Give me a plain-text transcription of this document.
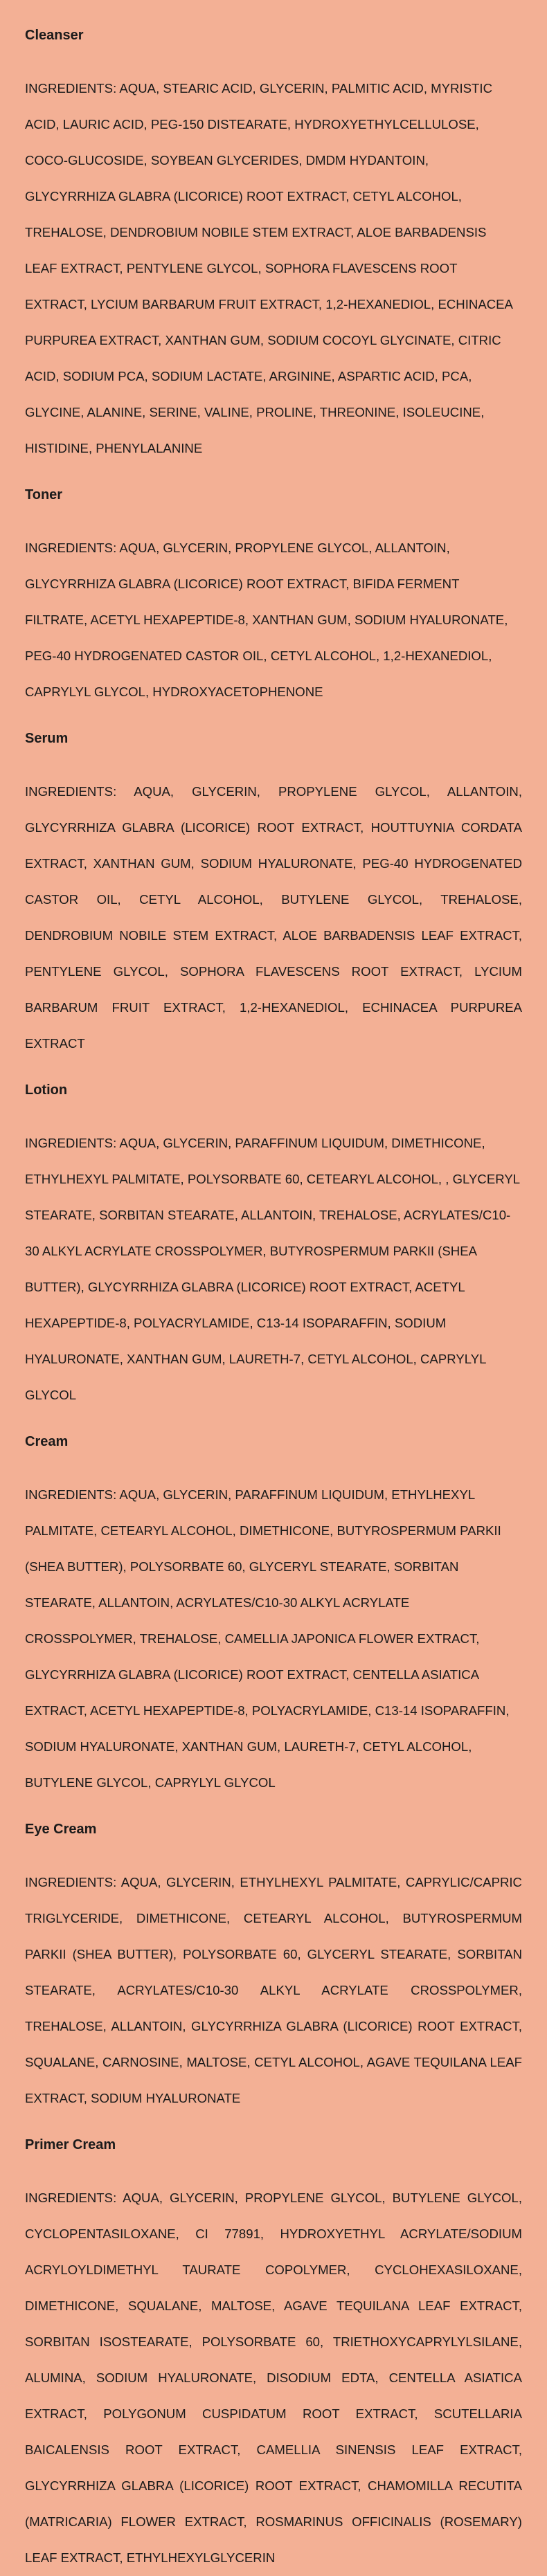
Cleanser
INGREDIENTS: AQUA, STEARIC ACID, GLYCERIN, PALMITIC ACID, MYRISTIC ACID, LAURIC ACID, PEG-150 DISTEARATE, HYDROXYETHYLCELLULOSE, COCO-GLUCOSIDE, SOYBEAN GLYCERIDES, DMDM HYDANTOIN, GLYCYRRHIZA GLABRA (LICORICE) ROOT EXTRACT, CETYL ALCOHOL, TREHALOSE, DENDROBIUM NOBILE STEM EXTRACT, ALOE BARBADENSIS LEAF EXTRACT, PENTYLENE GLYCOL, SOPHORA FLAVESCENS ROOT EXTRACT, LYCIUM BARBARUM FRUIT EXTRACT, 1,2-HEXANEDIOL, ECHINACEA PURPUREA EXTRACT, XANTHAN GUM, SODIUM COCOYL GLYCINATE, CITRIC ACID, SODIUM PCA, SODIUM LACTATE, ARGININE, ASPARTIC ACID, PCA, GLYCINE, ALANINE, SERINE, VALINE, PROLINE, THREONINE, ISOLEUCINE, HISTIDINE, PHENYLALANINE
Toner
INGREDIENTS: AQUA, GLYCERIN, PROPYLENE GLYCOL, ALLANTOIN, GLYCYRRHIZA GLABRA (LICORICE) ROOT EXTRACT, BIFIDA FERMENT FILTRATE, ACETYL HEXAPEPTIDE-8, XANTHAN GUM, SODIUM HYALURONATE, PEG-40 HYDROGENATED CASTOR OIL, CETYL ALCOHOL, 1,2-HEXANEDIOL, CAPRYLYL GLYCOL, HYDROXYACETOPHENONE
Serum
INGREDIENTS: AQUA, GLYCERIN, PROPYLENE GLYCOL, ALLANTOIN, GLYCYRRHIZA GLABRA (LICORICE) ROOT EXTRACT, HOUTTUYNIA CORDATA EXTRACT, XANTHAN GUM, SODIUM HYALURONATE, PEG-40 HYDROGENATED CASTOR OIL, CETYL ALCOHOL, BUTYLENE GLYCOL, TREHALOSE, DENDROBIUM NOBILE STEM EXTRACT, ALOE BARBADENSIS LEAF EXTRACT, PENTYLENE GLYCOL, SOPHORA FLAVESCENS ROOT EXTRACT, LYCIUM BARBARUM FRUIT EXTRACT, 1,2-HEXANEDIOL, ECHINACEA PURPUREA EXTRACT
Lotion
INGREDIENTS: AQUA, GLYCERIN, PARAFFINUM LIQUIDUM, DIMETHICONE, ETHYLHEXYL PALMITATE, POLYSORBATE 60, CETEARYL ALCOHOL, , GLYCERYL STEARATE, SORBITAN STEARATE, ALLANTOIN, TREHALOSE, ACRYLATES/C10-30 ALKYL ACRYLATE CROSSPOLYMER, BUTYROSPERMUM PARKII (SHEA BUTTER), GLYCYRRHIZA GLABRA (LICORICE) ROOT EXTRACT, ACETYL HEXAPEPTIDE-8, POLYACRYLAMIDE, C13-14 ISOPARAFFIN, SODIUM HYALURONATE, XANTHAN GUM, LAURETH-7, CETYL ALCOHOL, CAPRYLYL GLYCOL
Cream
INGREDIENTS: AQUA, GLYCERIN, PARAFFINUM LIQUIDUM, ETHYLHEXYL PALMITATE, CETEARYL ALCOHOL, DIMETHICONE, BUTYROSPERMUM PARKII (SHEA BUTTER), POLYSORBATE 60, GLYCERYL STEARATE, SORBITAN STEARATE, ALLANTOIN, ACRYLATES/C10-30 ALKYL ACRYLATE CROSSPOLYMER, TREHALOSE, CAMELLIA JAPONICA FLOWER EXTRACT, GLYCYRRHIZA GLABRA (LICORICE) ROOT EXTRACT, CENTELLA ASIATICA EXTRACT, ACETYL HEXAPEPTIDE-8, POLYACRYLAMIDE, C13-14 ISOPARAFFIN, SODIUM HYALURONATE, XANTHAN GUM, LAURETH-7, CETYL ALCOHOL, BUTYLENE GLYCOL, CAPRYLYL GLYCOL
Eye Cream
INGREDIENTS: AQUA, GLYCERIN, ETHYLHEXYL PALMITATE, CAPRYLIC/CAPRIC TRIGLYCERIDE, DIMETHICONE, CETEARYL ALCOHOL, BUTYROSPERMUM PARKII (SHEA BUTTER), POLYSORBATE 60, GLYCERYL STEARATE, SORBITAN STEARATE, ACRYLATES/C10-30 ALKYL ACRYLATE CROSSPOLYMER, TREHALOSE, ALLANTOIN, GLYCYRRHIZA GLABRA (LICORICE) ROOT EXTRACT, SQUALANE, CARNOSINE, MALTOSE, CETYL ALCOHOL, AGAVE TEQUILANA LEAF EXTRACT, SODIUM HYALURONATE
Primer Cream
INGREDIENTS: AQUA, GLYCERIN, PROPYLENE GLYCOL, BUTYLENE GLYCOL, CYCLOPENTASILOXANE, CI 77891, HYDROXYETHYL ACRYLATE/SODIUM ACRYLOYLDIMETHYL TAURATE COPOLYMER, CYCLOHEXASILOXANE, DIMETHICONE, SQUALANE, MALTOSE, AGAVE TEQUILANA LEAF EXTRACT, SORBITAN ISOSTEARATE, POLYSORBATE 60, TRIETHOXYCAPRYLYLSILANE, ALUMINA, SODIUM HYALURONATE, DISODIUM EDTA, CENTELLA ASIATICA EXTRACT, POLYGONUM CUSPIDATUM ROOT EXTRACT, SCUTELLARIA BAICALENSIS ROOT EXTRACT, CAMELLIA SINENSIS LEAF EXTRACT, GLYCYRRHIZA GLABRA (LICORICE) ROOT EXTRACT, CHAMOMILLA RECUTITA (MATRICARIA) FLOWER EXTRACT, ROSMARINUS OFFICINALIS (ROSEMARY) LEAF EXTRACT, ETHYLHEXYLGLYCERIN
